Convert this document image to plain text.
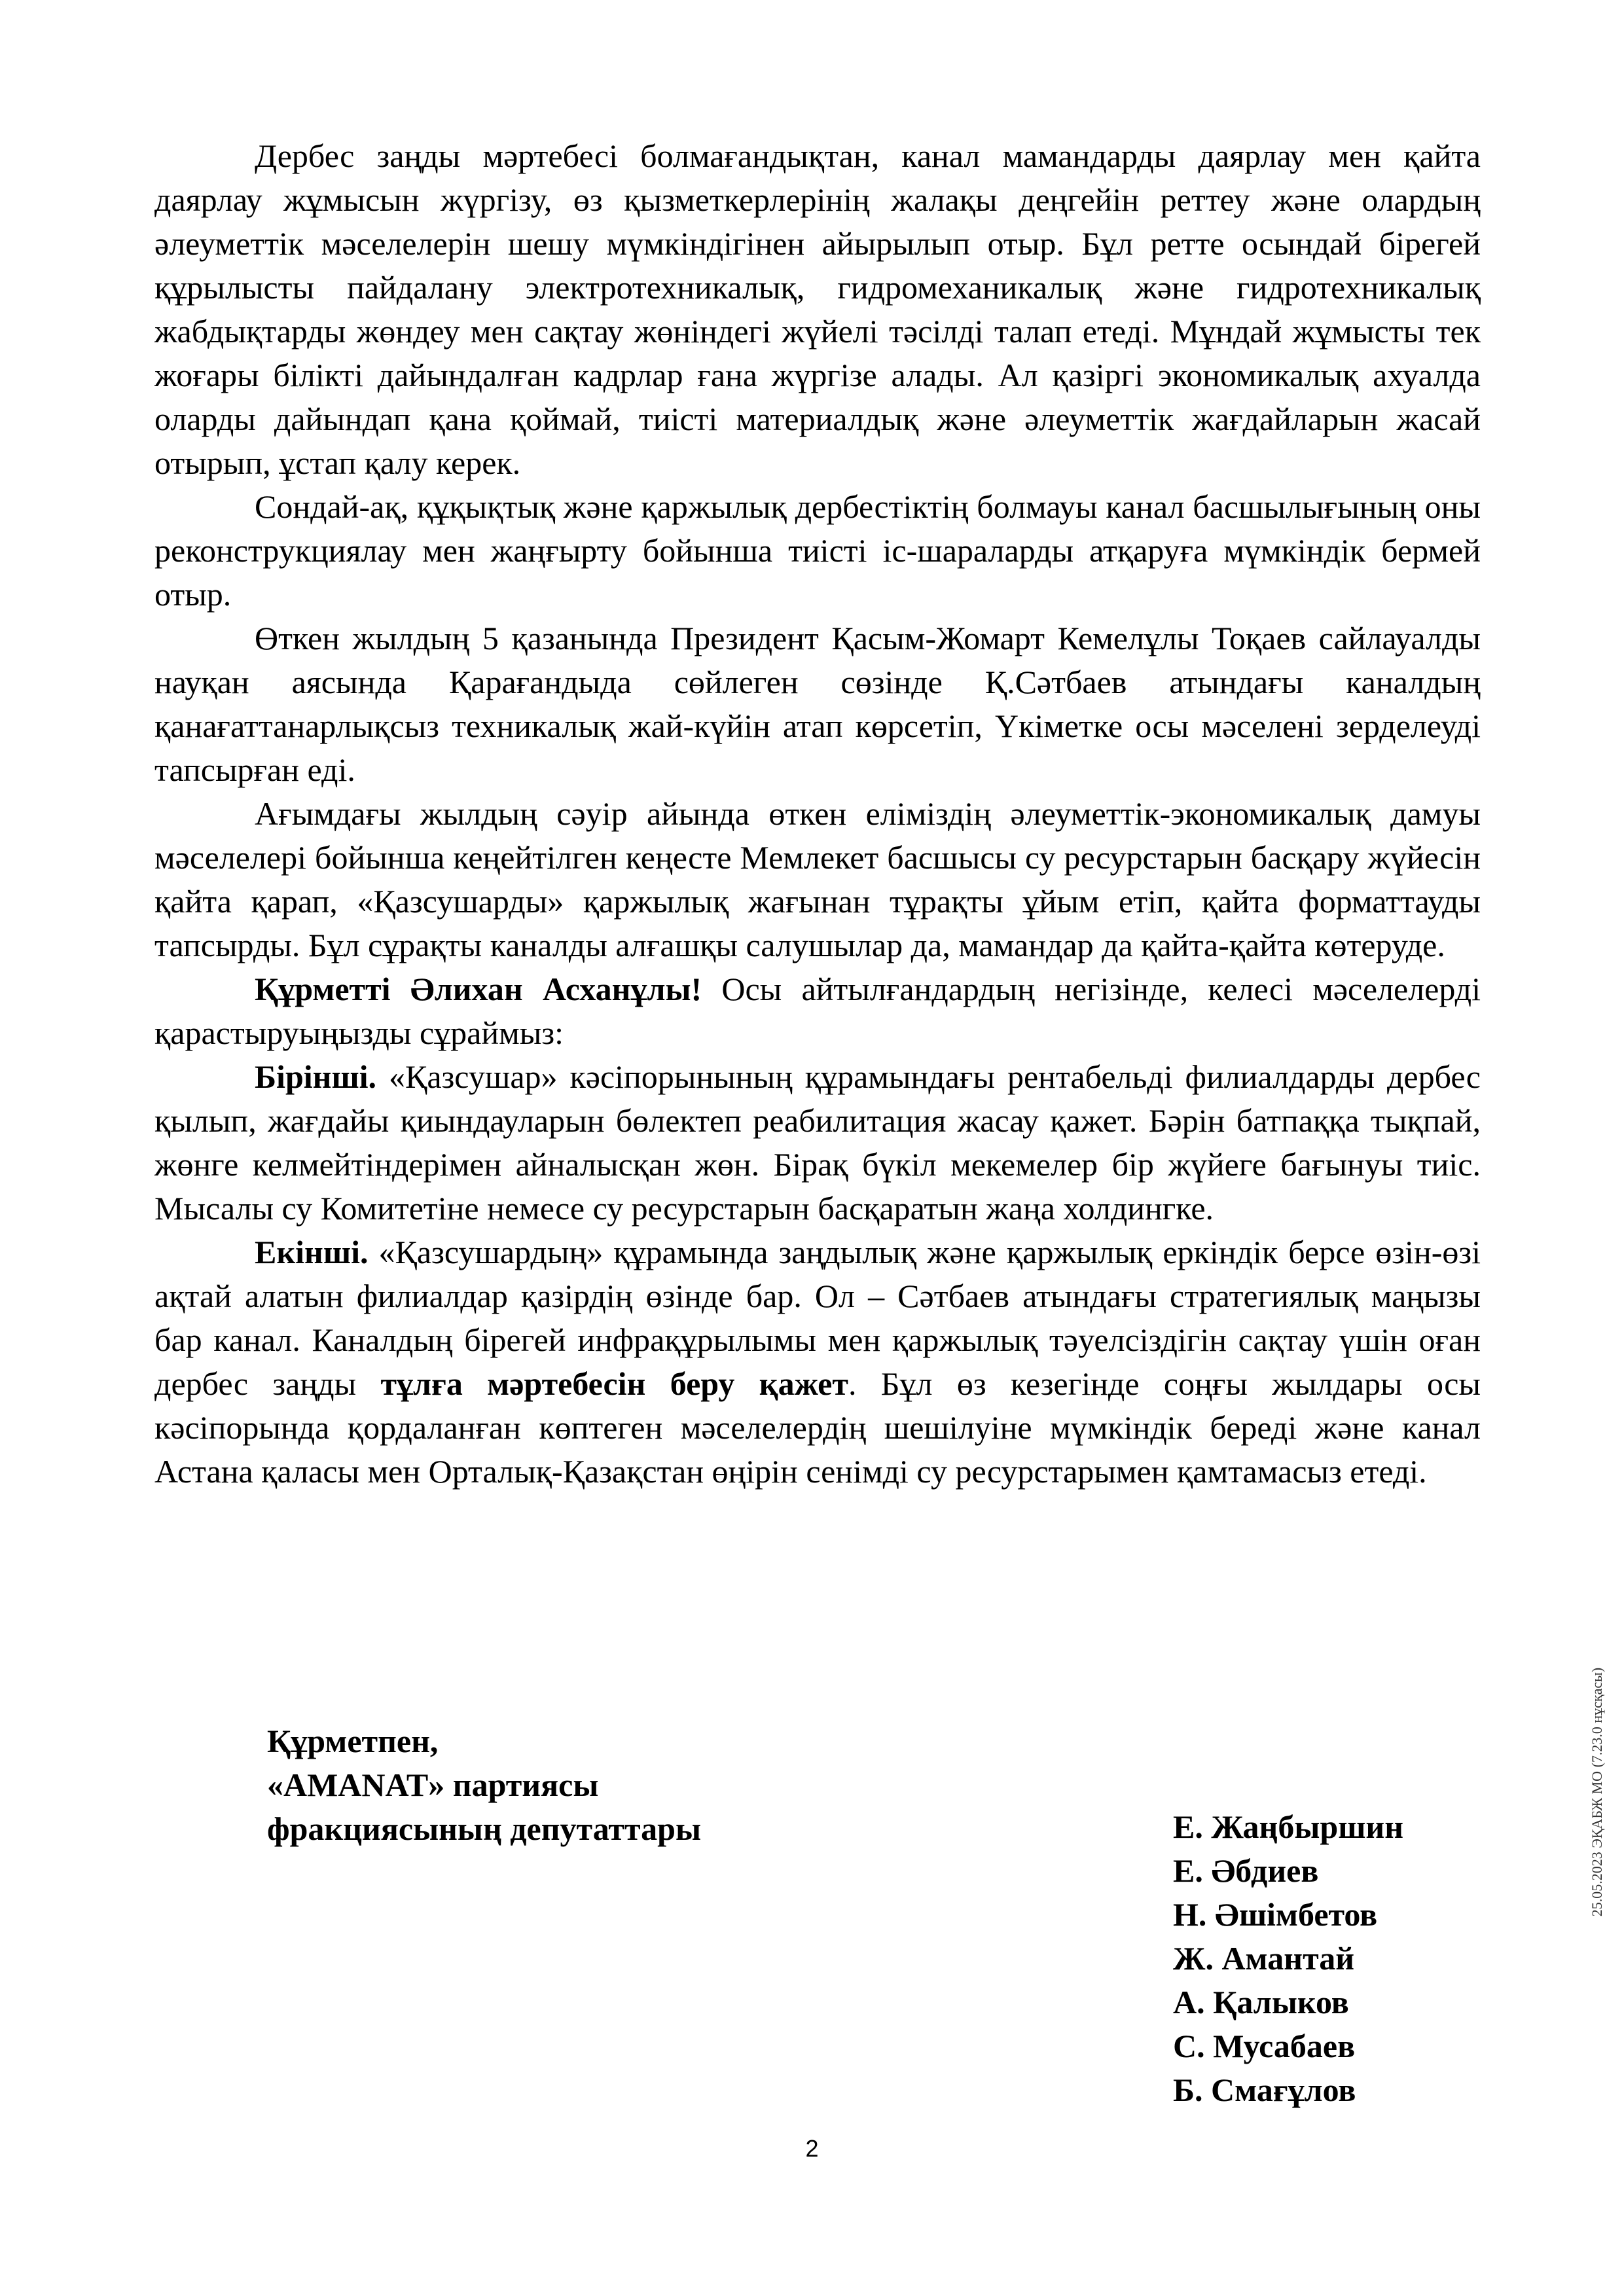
Дербес заңды мәртебесі болмағандықтан, канал мамандарды даярлау мен қайта даярлау жұмысын жүргізу, өз қызметкерлерінің жалақы деңгейін реттеу және олардың әлеуметтік мәселелерін шешу мүмкіндігінен айырылып отыр. Бұл ретте осындай бірегей құрылысты пайдалану электротехникалық, гидромеханикалық және гидротехникалық жабдықтарды жөндеу мен сақтау жөніндегі жүйелі тәсілді талап етеді. Мұндай жұмысты тек жоғары білікті дайындалған кадрлар ғана жүргізе алады. Ал қазіргі экономикалық ахуалда оларды дайындап қана қоймай, тиісті материалдық және әлеуметтік жағдайларын жасай отырып, ұстап қалу керек.

Сондай-ақ, құқықтық және қаржылық дербестіктің болмауы канал басшылығының оны реконструкциялау мен жаңғырту бойынша тиісті іс-шараларды атқаруға мүмкіндік бермей отыр.

Өткен жылдың 5 қазанында Президент Қасым-Жомарт Кемелұлы Тоқаев сайлауалды науқан аясында Қарағандыда сөйлеген сөзінде Қ.Сәтбаев атындағы каналдың қанағаттанарлықсыз техникалық жай-күйін атап көрсетіп, Үкіметке осы мәселені зерделеуді тапсырған еді.

Ағымдағы жылдың сәуір айында өткен еліміздің әлеуметтік-экономикалық дамуы мәселелері бойынша кеңейтілген кеңесте Мемлекет басшысы су ресурстарын басқару жүйесін қайта қарап, «Қазсушарды» қаржылық жағынан тұрақты ұйым етіп, қайта форматтауды тапсырды. Бұл сұрақты каналды алғашқы салушылар да, мамандар да қайта-қайта көтеруде.

Құрметті Әлихан Асханұлы! Осы айтылғандардың негізінде, келесі мәселелерді қарастыруыңызды сұраймыз:

Бірінші. «Қазсушар» кәсіпорынының құрамындағы рентабельді филиалдарды дербес қылып, жағдайы қиындауларын бөлектеп реабилитация жасау қажет. Бәрін батпаққа тықпай, жөнге келмейтіндерімен айналысқан жөн. Бірақ бүкіл мекемелер бір жүйеге бағынуы тиіс. Мысалы су Комитетіне немесе су ресурстарын басқаратын жаңа холдингке.

Екінші. «Қазсушардың» құрамында заңдылық және қаржылық еркіндік берсе өзін-өзі ақтай алатын филиалдар қазірдің өзінде бар. Ол – Сәтбаев атындағы стратегиялық маңызы бар канал. Каналдың бірегей инфрақұрылымы мен қаржылық тәуелсіздігін сақтау үшін оған дербес заңды тұлға мәртебесін беру қажет. Бұл өз кезегінде соңғы жылдары осы кәсіпорында қордаланған көптеген мәселелердің шешілуіне мүмкіндік береді және канал Астана қаласы мен Орталық-Қазақстан өңірін сенімді су ресурстарымен қамтамасыз етеді.

Құрметпен,
«AMANAT» партиясы
фракциясының депутаттары	Е. Жаңбыршин
Е. Әбдиев
Н. Әшімбетов
Ж. Амантай
А. Қалыков
С. Мусабаев
Б. Смағұлов
2
25.05.2023 ЭҚАБЖ МО (7.23.0 нұсқасы)
